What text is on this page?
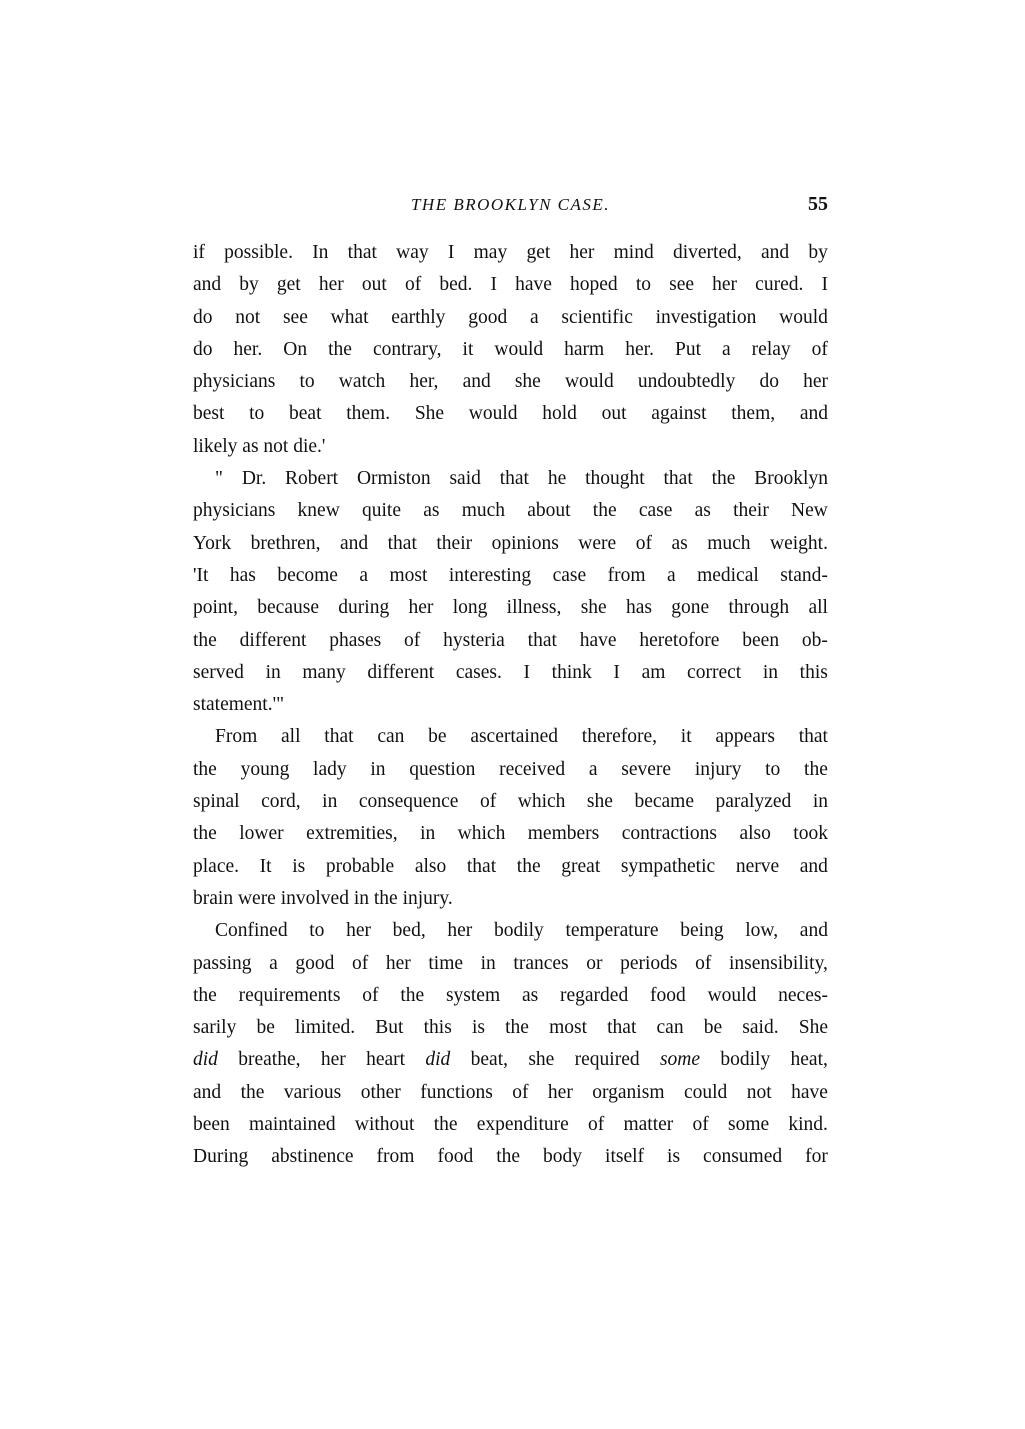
THE BROOKLYN CASE.	55
if possible. In that way I may get her mind diverted, and by
and by get her out of bed. I have hoped to see her cured. I
do not see what earthly good a scientific investigation would
do her. On the contrary, it would harm her. Put a relay of
physicians to watch her, and she would undoubtedly do her
best to beat them. She would hold out against them, and
likely as not die.'
" Dr. Robert Ormiston said that he thought that the Brooklyn
physicians knew quite as much about the case as their New
York brethren, and that their opinions were of as much weight.
'It has become a most interesting case from a medical stand-
point, because during her long illness, she has gone through all
the different phases of hysteria that have heretofore been ob-
served in many different cases. I think I am correct in this
statement.'"
From all that can be ascertained therefore, it appears that
the young lady in question received a severe injury to the
spinal cord, in consequence of which she became paralyzed in
the lower extremities, in which members contractions also took
place. It is probable also that the great sympathetic nerve and
brain were involved in the injury.
Confined to her bed, her bodily temperature being low, and
passing a good of her time in trances or periods of insensibility,
the requirements of the system as regarded food would neces-
sarily be limited. But this is the most that can be said. She
did breathe, her heart did beat, she required some bodily heat,
and the various other functions of her organism could not have
been maintained without the expenditure of matter of some kind.
During abstinence from food the body itself is consumed for
